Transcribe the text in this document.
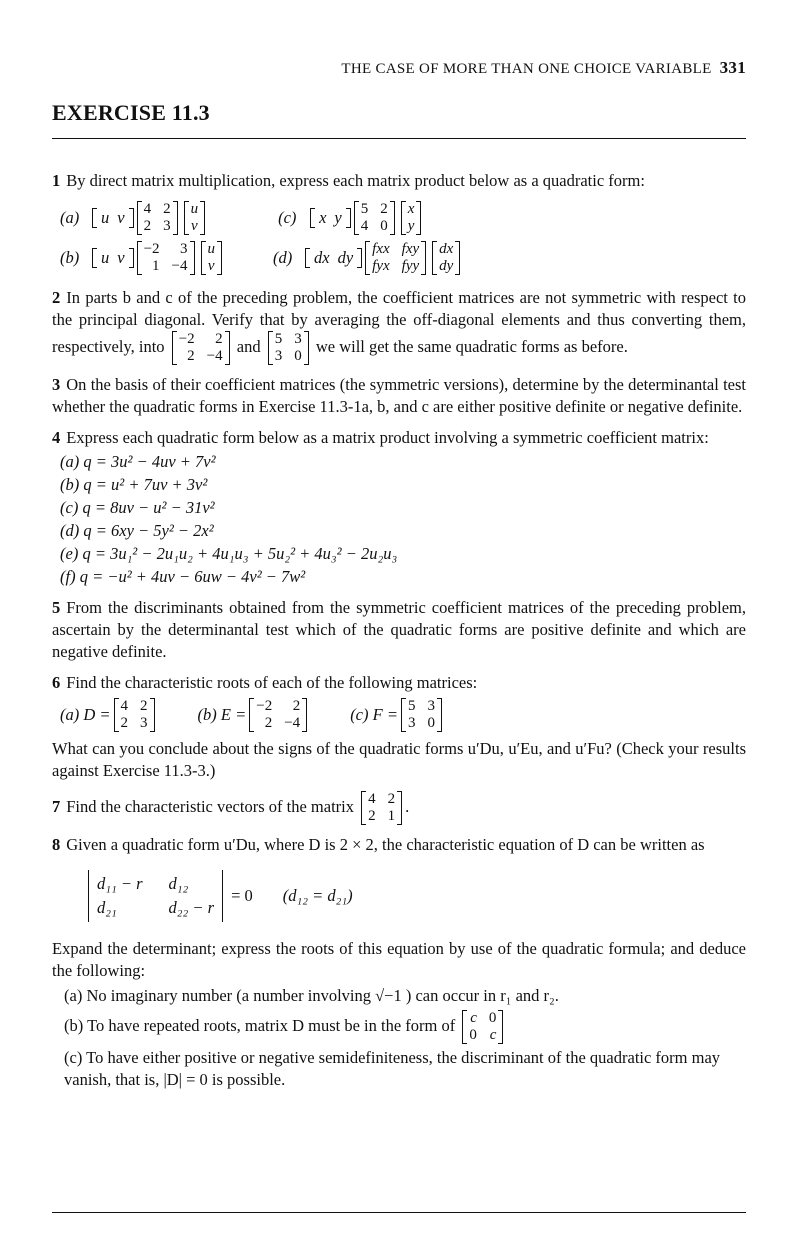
THE CASE OF MORE THAN ONE CHOICE VARIABLE 331
EXERCISE 11.3
1 By direct matrix multiplication, express each matrix product below as a quadratic form:
(a)	u v 4 2
2 3
u
v	(c)	x y 5 2
4 0
x
y
(b)	u v −2	3
1 −4
u
v	(d)	dx dy fxx fxy
fyx fyy
dx
dy
2 In parts b and c of the preceding problem, the coefficient matrices are not symmetric with respect to the principal diagonal. Verify that by averaging the off-diagonal elements and thus converting them, respectively, into −2	2
2 −4
and 5 3
3 0
we will get the same quadratic forms as before.
3 On the basis of their coefficient matrices (the symmetric versions), determine by the determinantal test whether the quadratic forms in Exercise 11.3-1a, b, and c are either positive definite or negative definite.
4 Express each quadratic form below as a matrix product involving a symmetric coefficient matrix:
(a) q = 3u² − 4uv + 7v²
(b) q = u² + 7uv + 3v²
(c) q = 8uv − u² − 31v²
(d) q = 6xy − 5y² − 2x²
(e) q = 3u₁² − 2u₁u₂ + 4u₁u₃ + 5u₂² + 4u₃² − 2u₂u₃
(f) q = −u² + 4uv − 6uw − 4v² − 7w²
5 From the discriminants obtained from the symmetric coefficient matrices of the preceding problem, ascertain by the determinantal test which of the quadratic forms are positive definite and which are negative definite.
6 Find the characteristic roots of each of the following matrices:
(a) D = 4 2
2 3	(b) E = −2	2
2 −4	(c) F = 5 3
3 0
What can you conclude about the signs of the quadratic forms u′Du, u′Eu, and u′Fu? (Check your results against Exercise 11.3-3.)
7 Find the characteristic vectors of the matrix 4 2
2 1
.
8 Given a quadratic form u′Du, where D is 2 × 2, the characteristic equation of D can be written as
d₁₁ − r d₁₂
d₂₁	d₂₂ − r
= 0 (d₁₂ = d₂₁)
Expand the determinant; express the roots of this equation by use of the quadratic formula; and deduce the following:
(a) No imaginary number (a number involving √−1 ) can occur in r₁ and r₂.
(b) To have repeated roots, matrix D must be in the form of c 0
0 c
(c) To have either positive or negative semidefiniteness, the discriminant of the quadratic form may vanish, that is, |D| = 0 is possible.
